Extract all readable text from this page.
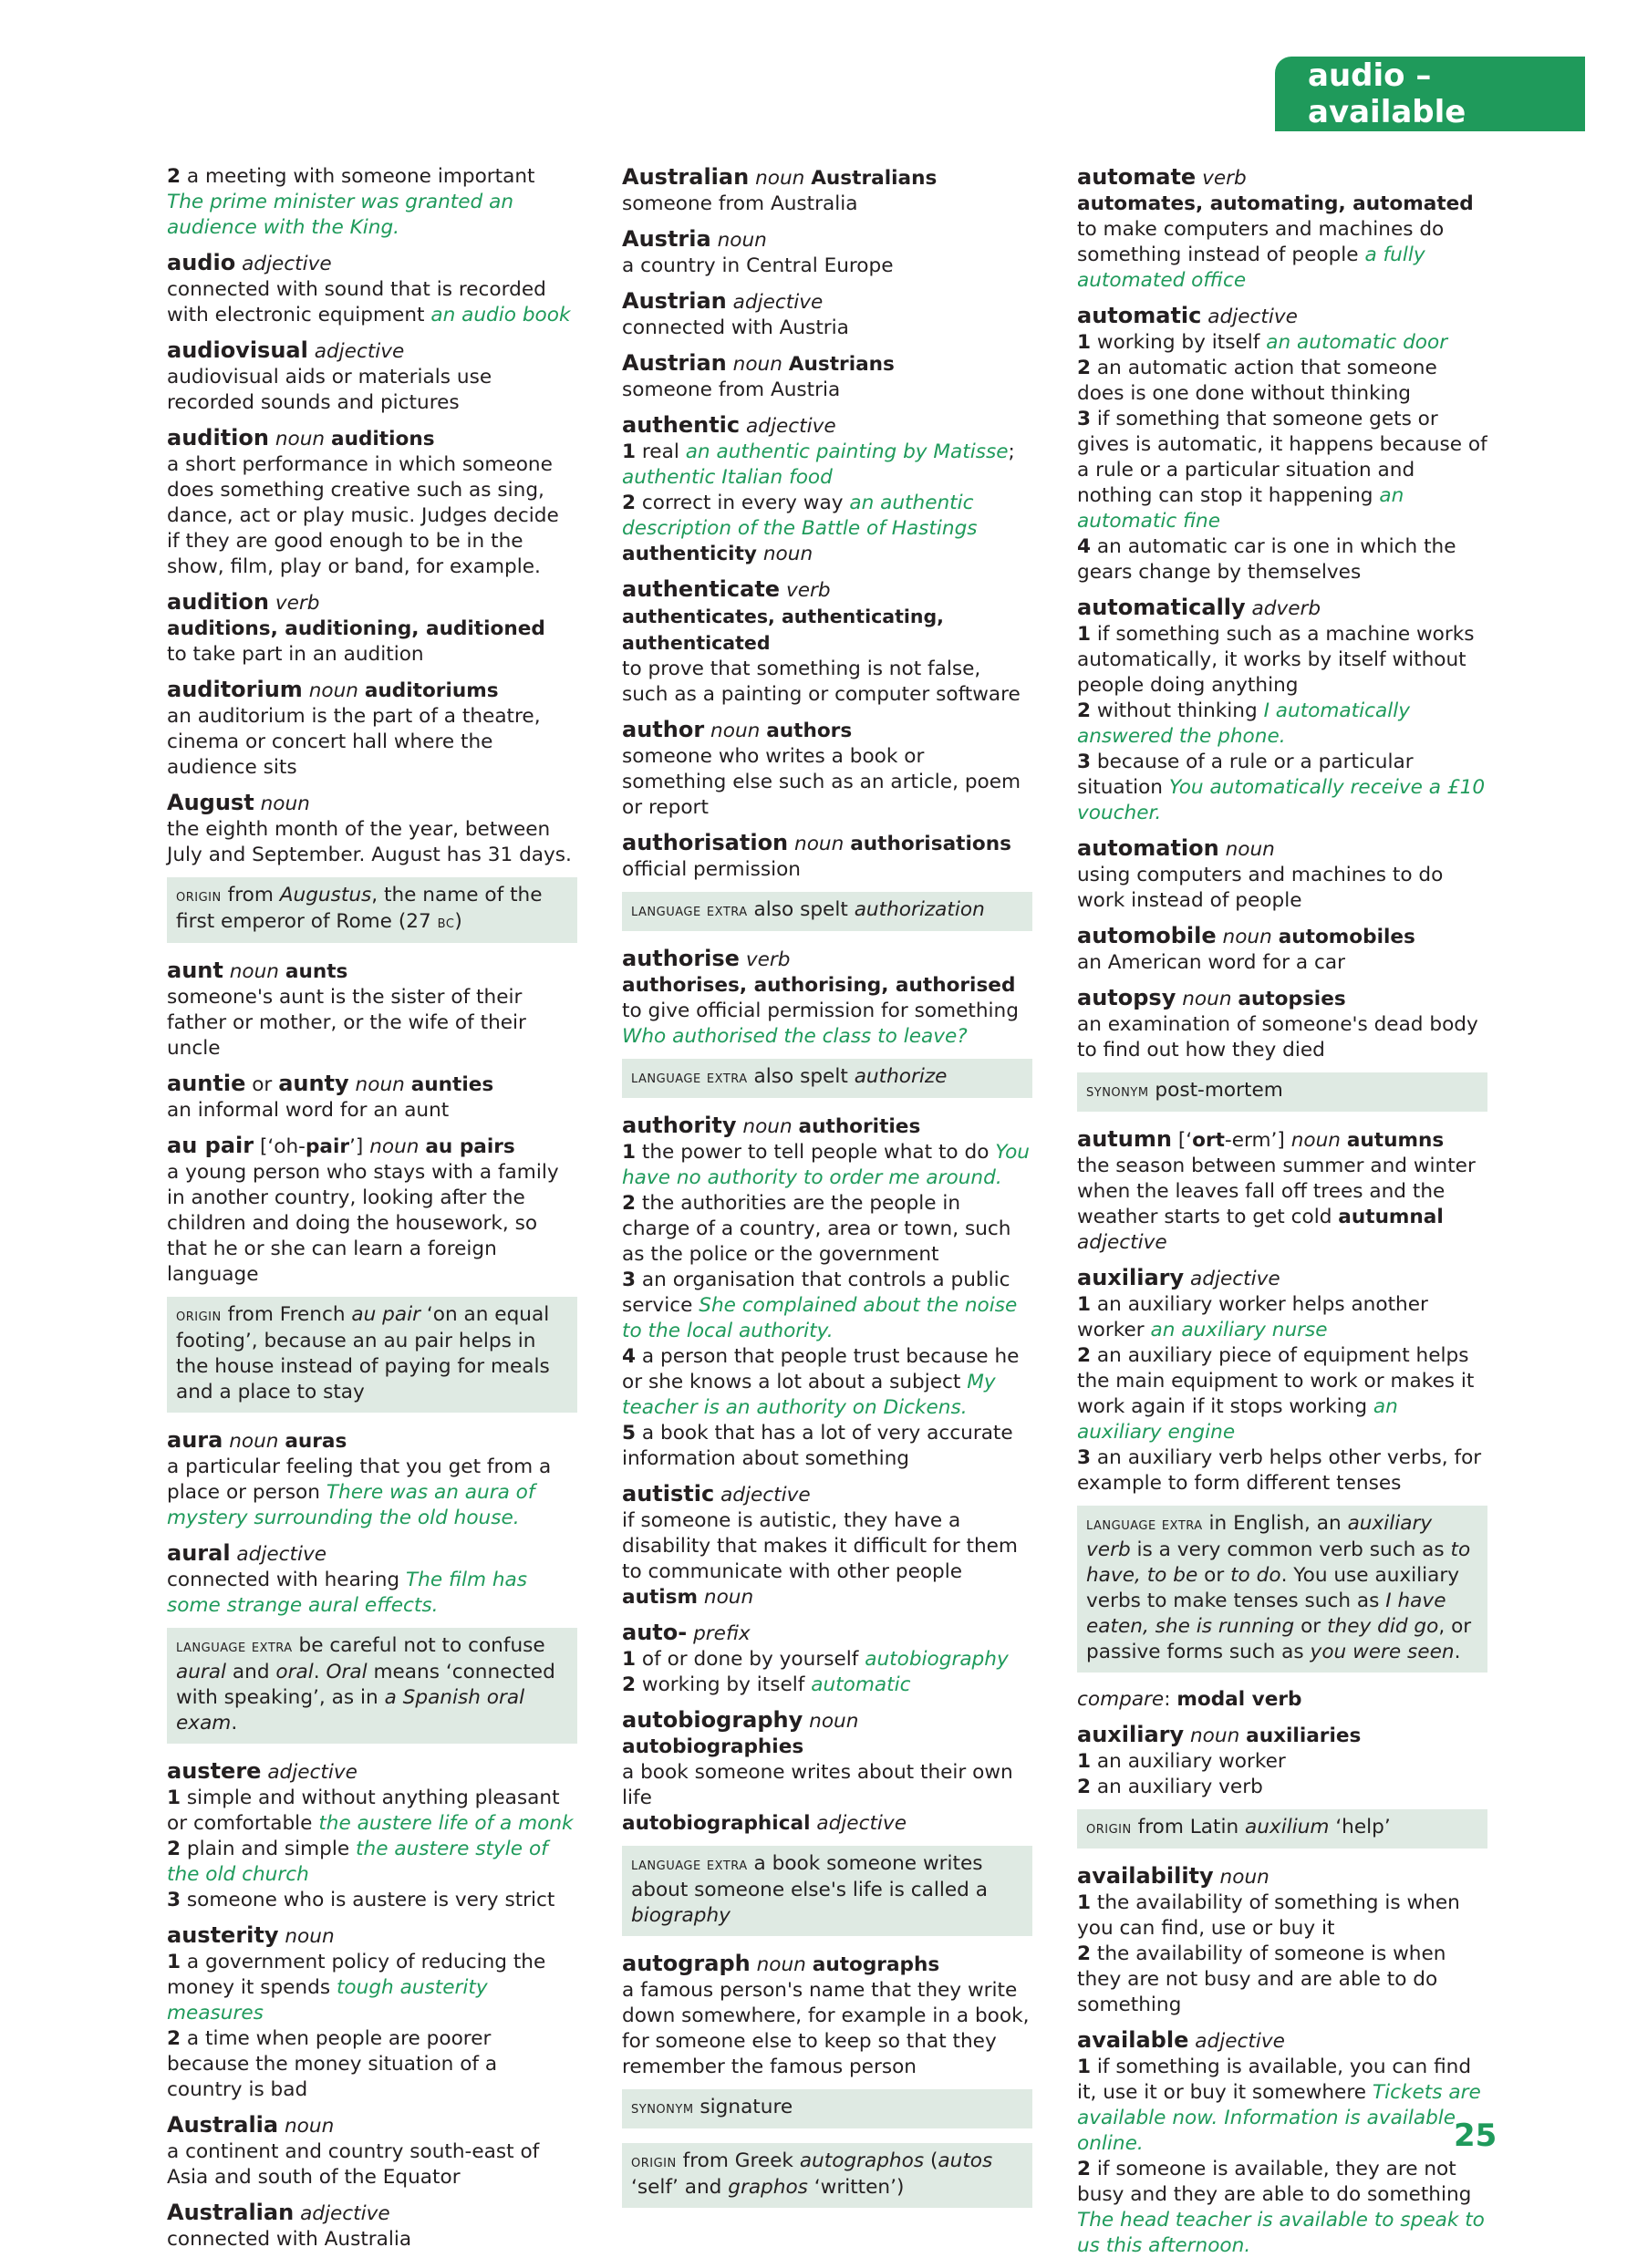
audio – available
2 a meeting with someone important The prime minister was granted an audience with the King.
audio adjective
connected with sound that is recorded with electronic equipment an audio book
audiovisual adjective
audiovisual aids or materials use recorded sounds and pictures
audition noun auditions
a short performance in which someone does something creative such as sing, dance, act or play music. Judges decide if they are good enough to be in the show, film, play or band, for example.
audition verb
auditions, auditioning, auditioned
to take part in an audition
auditorium noun auditoriums
an auditorium is the part of a theatre, cinema or concert hall where the audience sits
August noun
the eighth month of the year, between July and September. August has 31 days.
origin from Augustus, the name of the first emperor of Rome (27 bc)
aunt noun aunts
someone's aunt is the sister of their father or mother, or the wife of their uncle
auntie or aunty noun aunties
an informal word for an aunt
au pair [‘oh-pair’] noun au pairs
a young person who stays with a family in another country, looking after the children and doing the housework, so that he or she can learn a foreign language
origin from French au pair ‘on an equal footing’, because an au pair helps in the house instead of paying for meals and a place to stay
aura noun auras
a particular feeling that you get from a place or person There was an aura of mystery surrounding the old house.
aural adjective
connected with hearing The film has some strange aural effects.
language extra be careful not to confuse aural and oral. Oral means ‘connected with speaking’, as in a Spanish oral exam.
austere adjective
1 simple and without anything pleasant or comfortable the austere life of a monk
2 plain and simple the austere style of the old church
3 someone who is austere is very strict
austerity noun
1 a government policy of reducing the money it spends tough austerity measures
2 a time when people are poorer because the money situation of a country is bad
Australia noun
a continent and country south-east of Asia and south of the Equator
Australian adjective
connected with Australia
Australian noun Australians
someone from Australia
Austria noun
a country in Central Europe
Austrian adjective
connected with Austria
Austrian noun Austrians
someone from Austria
authentic adjective
1 real an authentic painting by Matisse; authentic Italian food
2 correct in every way an authentic description of the Battle of Hastings
authenticity noun
authenticate verb
authenticates, authenticating, authenticated
to prove that something is not false, such as a painting or computer software
author noun authors
someone who writes a book or something else such as an article, poem or report
authorisation noun authorisations
official permission
language extra also spelt authorization
authorise verb
authorises, authorising, authorised
to give official permission for something Who authorised the class to leave?
language extra also spelt authorize
authority noun authorities
1 the power to tell people what to do You have no authority to order me around.
2 the authorities are the people in charge of a country, area or town, such as the police or the government
3 an organisation that controls a public service She complained about the noise to the local authority.
4 a person that people trust because he or she knows a lot about a subject My teacher is an authority on Dickens.
5 a book that has a lot of very accurate information about something
autistic adjective
if someone is autistic, they have a disability that makes it difficult for them to communicate with other people
autism noun
auto- prefix
1 of or done by yourself autobiography
2 working by itself automatic
autobiography noun autobiographies
a book someone writes about their own life
autobiographical adjective
language extra a book someone writes about someone else's life is called a biography
autograph noun autographs
a famous person's name that they write down somewhere, for example in a book, for someone else to keep so that they remember the famous person
synonym signature
origin from Greek autographos (autos ‘self’ and graphos ‘written’)
automate verb
automates, automating, automated
to make computers and machines do something instead of people a fully automated office
automatic adjective
1 working by itself an automatic door
2 an automatic action that someone does is one done without thinking
3 if something that someone gets or gives is automatic, it happens because of a rule or a particular situation and nothing can stop it happening an automatic fine
4 an automatic car is one in which the gears change by themselves
automatically adverb
1 if something such as a machine works automatically, it works by itself without people doing anything
2 without thinking I automatically answered the phone.
3 because of a rule or a particular situation You automatically receive a £10 voucher.
automation noun
using computers and machines to do work instead of people
automobile noun automobiles
an American word for a car
autopsy noun autopsies
an examination of someone's dead body to find out how they died
synonym post-mortem
autumn [‘ort-erm’] noun autumns
the season between summer and winter when the leaves fall off trees and the weather starts to get cold autumnal adjective
auxiliary adjective
1 an auxiliary worker helps another worker an auxiliary nurse
2 an auxiliary piece of equipment helps the main equipment to work or makes it work again if it stops working an auxiliary engine
3 an auxiliary verb helps other verbs, for example to form different tenses
language extra in English, an auxiliary verb is a very common verb such as to have, to be or to do. You use auxiliary verbs to make tenses such as I have eaten, she is running or they did go, or passive forms such as you were seen.
compare: modal verb
auxiliary noun auxiliaries
1 an auxiliary worker
2 an auxiliary verb
origin from Latin auxilium ‘help’
availability noun
1 the availability of something is when you can find, use or buy it
2 the availability of someone is when they are not busy and are able to do something
available adjective
1 if something is available, you can find it, use it or buy it somewhere Tickets are available now. Information is available online.
2 if someone is available, they are not busy and they are able to do something The head teacher is available to speak to us this afternoon.
25
